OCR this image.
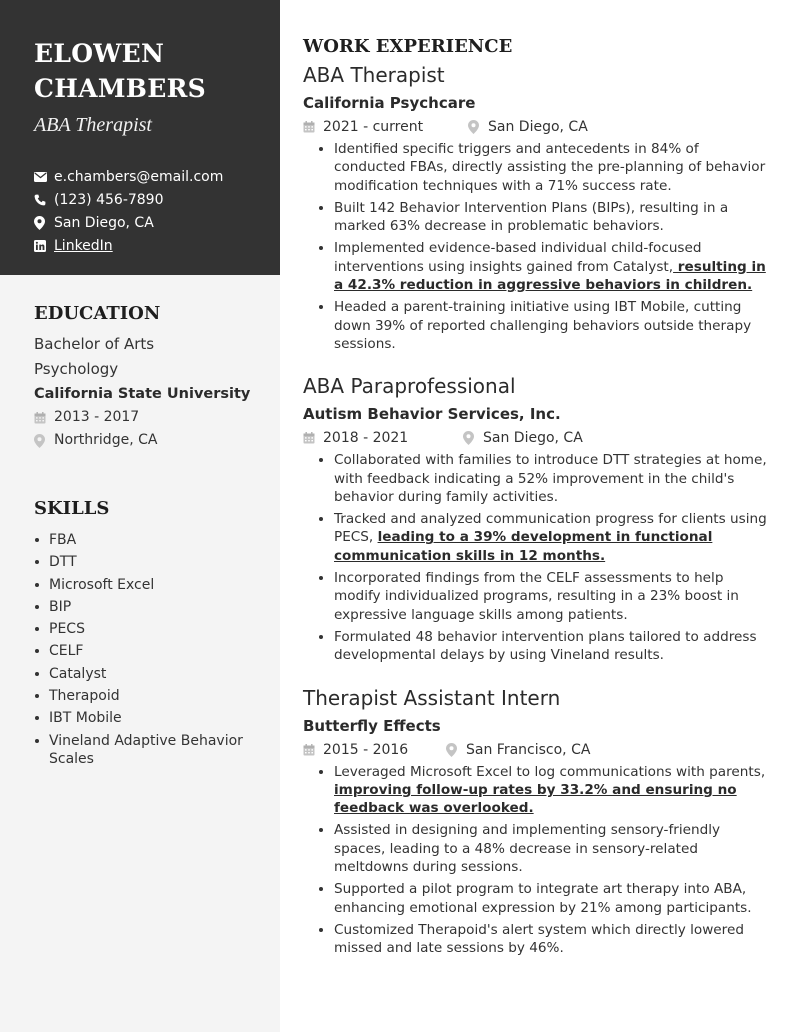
ELOWEN
CHAMBERS
ABA Therapist
e.chambers@email.com
(123) 456-7890
San Diego, CA
LinkedIn
EDUCATION
Bachelor of Arts
Psychology
California State University
2013 - 2017
Northridge, CA
SKILLS
FBA
DTT
Microsoft Excel
BIP
PECS
CELF
Catalyst
Therapoid
IBT Mobile
Vineland Adaptive Behavior Scales
WORK EXPERIENCE
ABA Therapist
California Psychcare
2021 - current	San Diego, CA
Identified specific triggers and antecedents in 84% of conducted FBAs, directly assisting the pre-planning of behavior modification techniques with a 71% success rate.
Built 142 Behavior Intervention Plans (BIPs), resulting in a marked 63% decrease in problematic behaviors.
Implemented evidence-based individual child-focused interventions using insights gained from Catalyst, resulting in a 42.3% reduction in aggressive behaviors in children.
Headed a parent-training initiative using IBT Mobile, cutting down 39% of reported challenging behaviors outside therapy sessions.
ABA Paraprofessional
Autism Behavior Services, Inc.
2018 - 2021	San Diego, CA
Collaborated with families to introduce DTT strategies at home, with feedback indicating a 52% improvement in the child's behavior during family activities.
Tracked and analyzed communication progress for clients using PECS, leading to a 39% development in functional communication skills in 12 months.
Incorporated findings from the CELF assessments to help modify individualized programs, resulting in a 23% boost in expressive language skills among patients.
Formulated 48 behavior intervention plans tailored to address developmental delays by using Vineland results.
Therapist Assistant Intern
Butterfly Effects
2015 - 2016	San Francisco, CA
Leveraged Microsoft Excel to log communications with parents, improving follow-up rates by 33.2% and ensuring no feedback was overlooked.
Assisted in designing and implementing sensory-friendly spaces, leading to a 48% decrease in sensory-related meltdowns during sessions.
Supported a pilot program to integrate art therapy into ABA, enhancing emotional expression by 21% among participants.
Customized Therapoid's alert system which directly lowered missed and late sessions by 46%.
